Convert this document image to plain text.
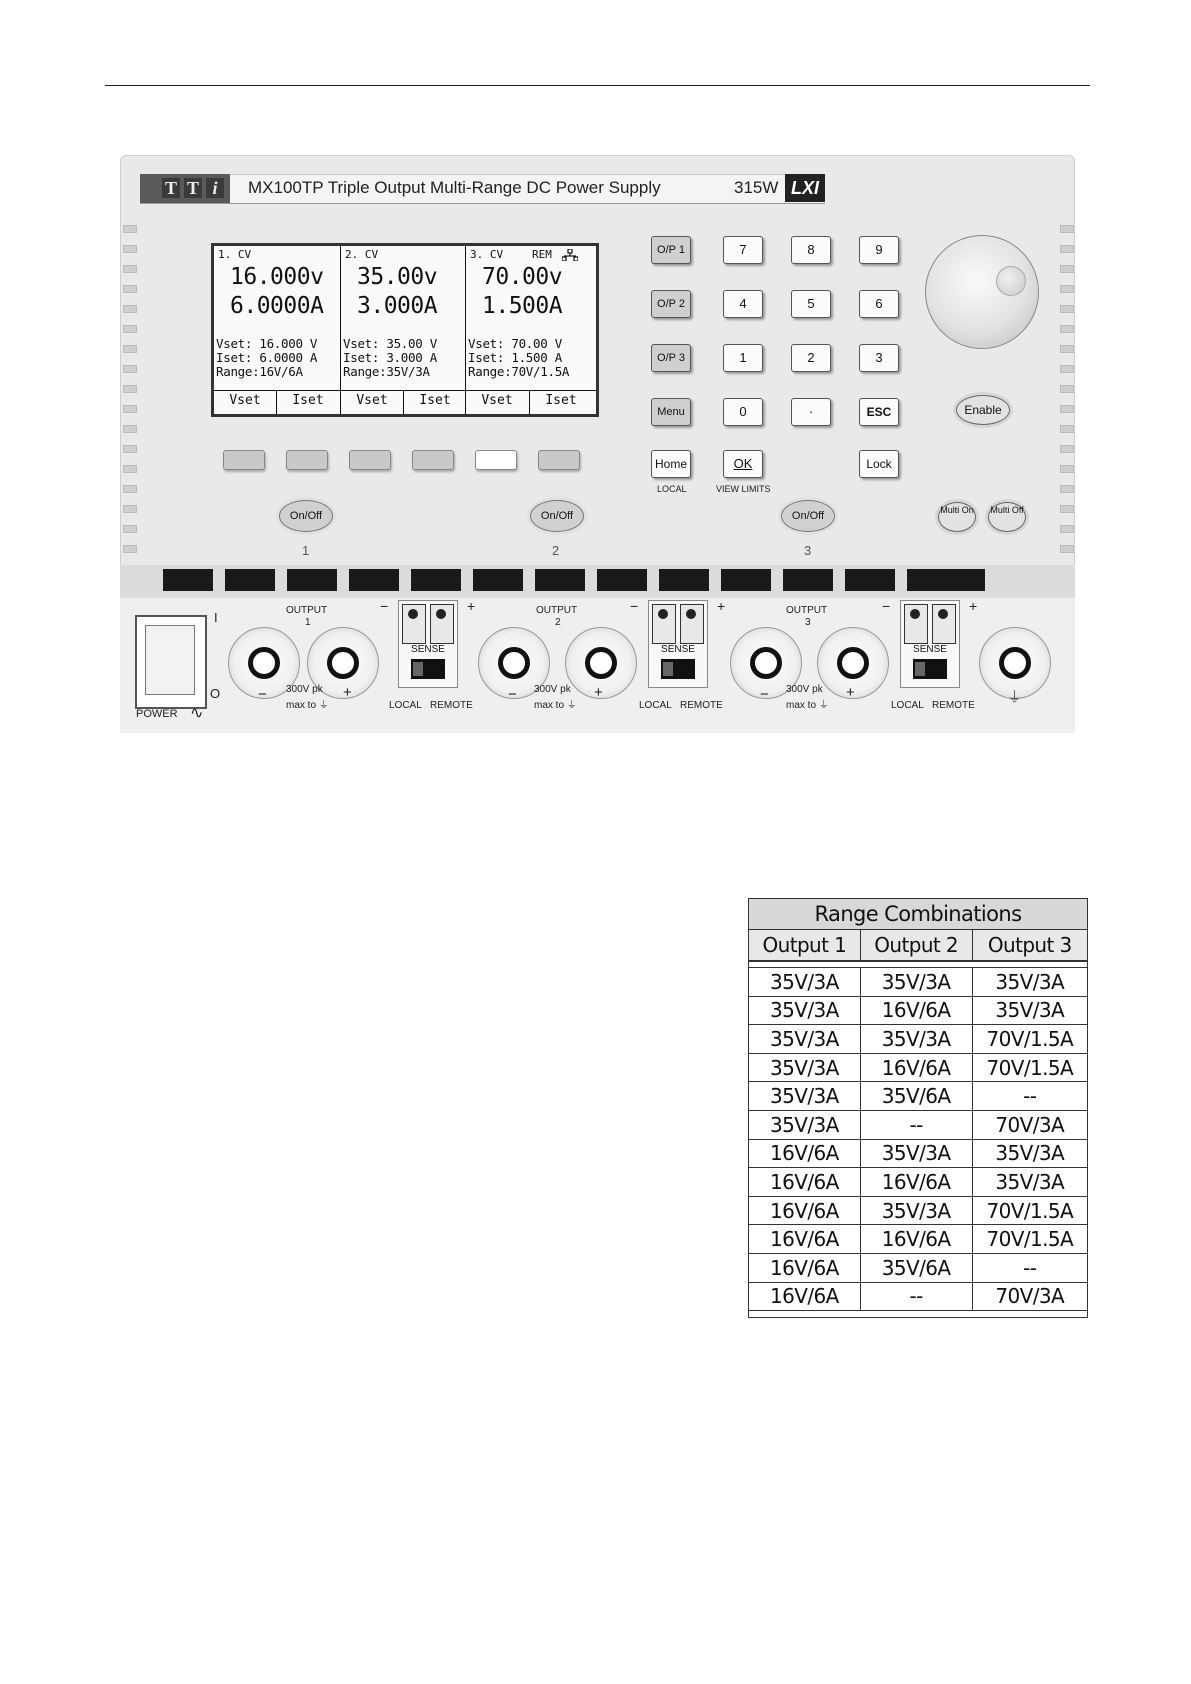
T T i	MX100TP Triple Output Multi-Range DC Power Supply	315W LXI
1. CV
16.000v
6.0000A
Vset: 16.000 V
Iset: 6.0000 A
Range:16V/6A
2. CV
35.00v
3.000A
Vset: 35.00 V
Iset: 3.000 A
Range:35V/3A
3. CV	REM
70.00v
1.500A
Vset: 70.00 V
Iset: 1.500 A
Range:70V/1.5A
Vset	Iset	Vset	Iset	Vset	Iset
On/Off	On/Off	On/Off
1	2	3
O/P 1
O/P 2
O/P 3
Menu
7	8	9
4	5	6
1	2	3
0	·	ESC
Home
LOCAL
OK
VIEW LIMITS
Lock
Enable
Multi On Multi Off
I
O
POWER ∿
OUTPUT
1
−	+
300V pk
max to ⏚
−	+
SENSE
LOCAL REMOTE
OUTPUT
2
−	+
300V pk
max to ⏚
−	+
SENSE
LOCAL REMOTE
OUTPUT
3
−	+
300V pk
max to ⏚
−	+
SENSE
LOCAL REMOTE ⏚
Range Combinations		
Output 1	Output 2	Output 3

35V/3A	35V/3A	35V/3A
35V/3A	16V/6A	35V/3A
35V/3A	35V/3A	70V/1.5A
35V/3A	16V/6A	70V/1.5A
35V/3A	35V/6A	--
35V/3A	--	70V/3A
16V/6A	35V/3A	35V/3A
16V/6A	16V/6A	35V/3A
16V/6A	35V/3A	70V/1.5A
16V/6A	16V/6A	70V/1.5A
16V/6A	35V/6A	--
16V/6A	--	70V/3A
